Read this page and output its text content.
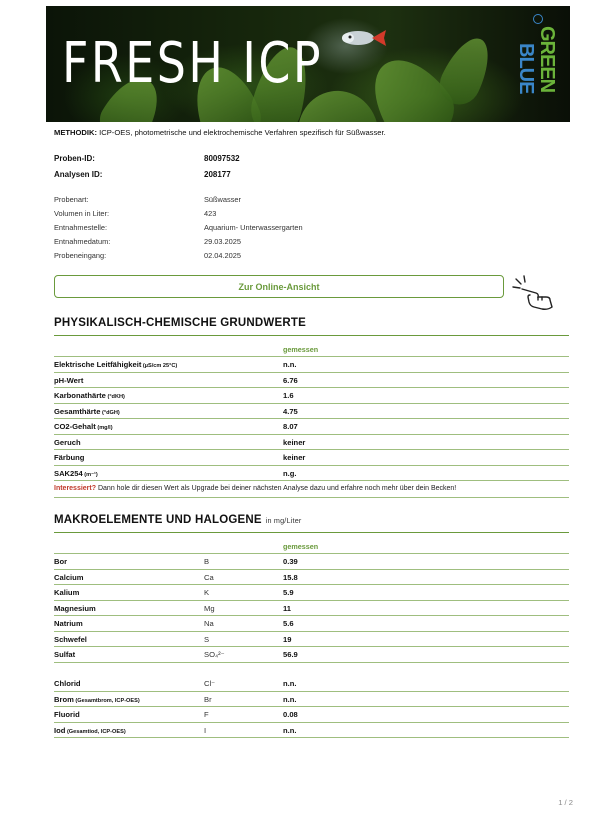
FRESH ICP	BLUE GREEN
METHODIK: ICP-OES, photometrische und elektrochemische Verfahren spezifisch für Süßwasser.
Proben-ID:	80097532
Analysen ID:	208177
Probenart:	Süßwasser
Volumen in Liter:	423
Entnahmestelle:	Aquarium- Unterwassergarten
Entnahmedatum:	29.03.2025
Probeneingang:	02.04.2025
Zur Online-Ansicht
PHYSIKALISCH-CHEMISCHE GRUNDWERTE
gemessen
Elektrische Leitfähigkeit (µS/cm 25°C)	n.n.
pH-Wert	6.76
Karbonathärte (°dKH)	1.6
Gesamthärte (°dGH)	4.75
CO2-Gehalt (mg/l)	8.07
Geruch	keiner
Färbung	keiner
SAK254 (m⁻¹)	n.g.
Interessiert? Dann hole dir diesen Wert als Upgrade bei deiner nächsten Analyse dazu und erfahre noch mehr über dein Becken!
MAKROELEMENTE UND HALOGENE in mg/Liter
gemessen
Bor	B	0.39
Calcium	Ca	15.8
Kalium	K	5.9
Magnesium	Mg	11
Natrium	Na	5.6
Schwefel	S	19
Sulfat	SO₄²⁻	56.9
Chlorid	Cl⁻	n.n.
Brom (Gesamtbrom, ICP-OES)	Br	n.n.
Fluorid	F	0.08
Iod (Gesamtiod, ICP-OES)	I	n.n.
1 / 2
